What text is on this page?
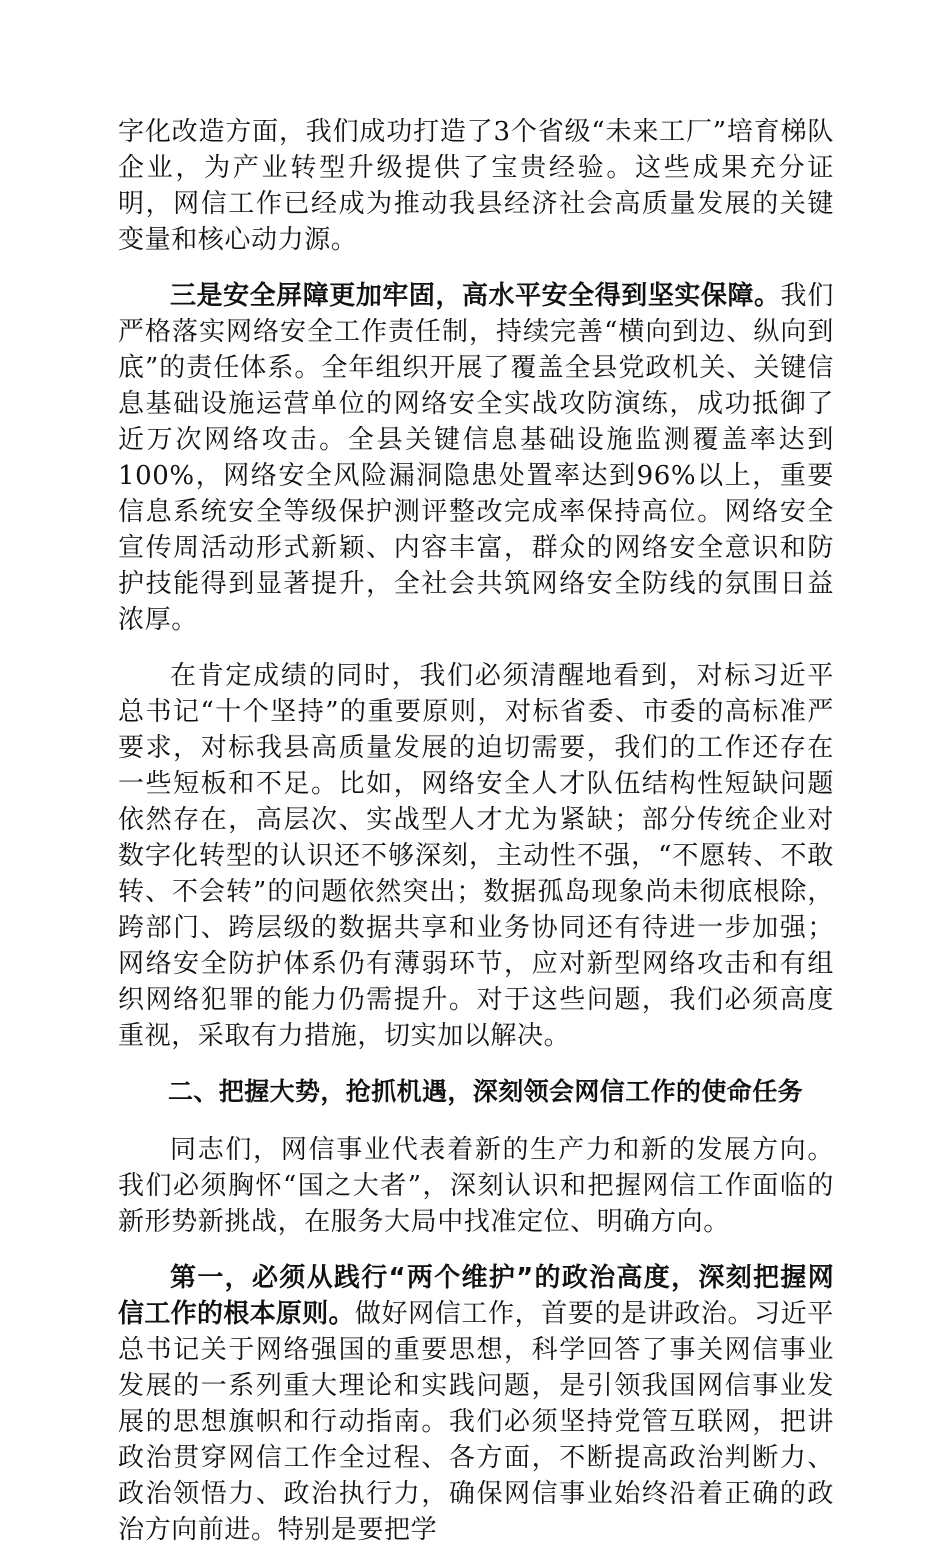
字化改造方面，我们成功打造了3个省级“未来工厂”培育梯队企业，为产业转型升级提供了宝贵经验。这些成果充分证明，网信工作已经成为推动我县经济社会高质量发展的关键变量和核心动力源。

三是安全屏障更加牢固，高水平安全得到坚实保障。我们严格落实网络安全工作责任制，持续完善“横向到边、纵向到底”的责任体系。全年组织开展了覆盖全县党政机关、关键信息基础设施运营单位的网络安全实战攻防演练，成功抵御了近万次网络攻击。全县关键信息基础设施监测覆盖率达到100%，网络安全风险漏洞隐患处置率达到96%以上，重要信息系统安全等级保护测评整改完成率保持高位。网络安全宣传周活动形式新颖、内容丰富，群众的网络安全意识和防护技能得到显著提升，全社会共筑网络安全防线的氛围日益浓厚。

在肯定成绩的同时，我们必须清醒地看到，对标习近平总书记“十个坚持”的重要原则，对标省委、市委的高标准严要求，对标我县高质量发展的迫切需要，我们的工作还存在一些短板和不足。比如，网络安全人才队伍结构性短缺问题依然存在，高层次、实战型人才尤为紧缺；部分传统企业对数字化转型的认识还不够深刻，主动性不强，“不愿转、不敢转、不会转”的问题依然突出；数据孤岛现象尚未彻底根除，跨部门、跨层级的数据共享和业务协同还有待进一步加强；网络安全防护体系仍有薄弱环节，应对新型网络攻击和有组织网络犯罪的能力仍需提升。对于这些问题，我们必须高度重视，采取有力措施，切实加以解决。

二、把握大势，抢抓机遇，深刻领会网信工作的使命任务

同志们，网信事业代表着新的生产力和新的发展方向。我们必须胸怀“国之大者”，深刻认识和把握网信工作面临的新形势新挑战，在服务大局中找准定位、明确方向。

第一，必须从践行“两个维护”的政治高度，深刻把握网信工作的根本原则。做好网信工作，首要的是讲政治。习近平总书记关于网络强国的重要思想，科学回答了事关网信事业发展的一系列重大理论和实践问题，是引领我国网信事业发展的思想旗帜和行动指南。我们必须坚持党管互联网，把讲政治贯穿网信工作全过程、各方面，不断提高政治判断力、政治领悟力、政治执行力，确保网信事业始终沿着正确的政治方向前进。特别是要把学
